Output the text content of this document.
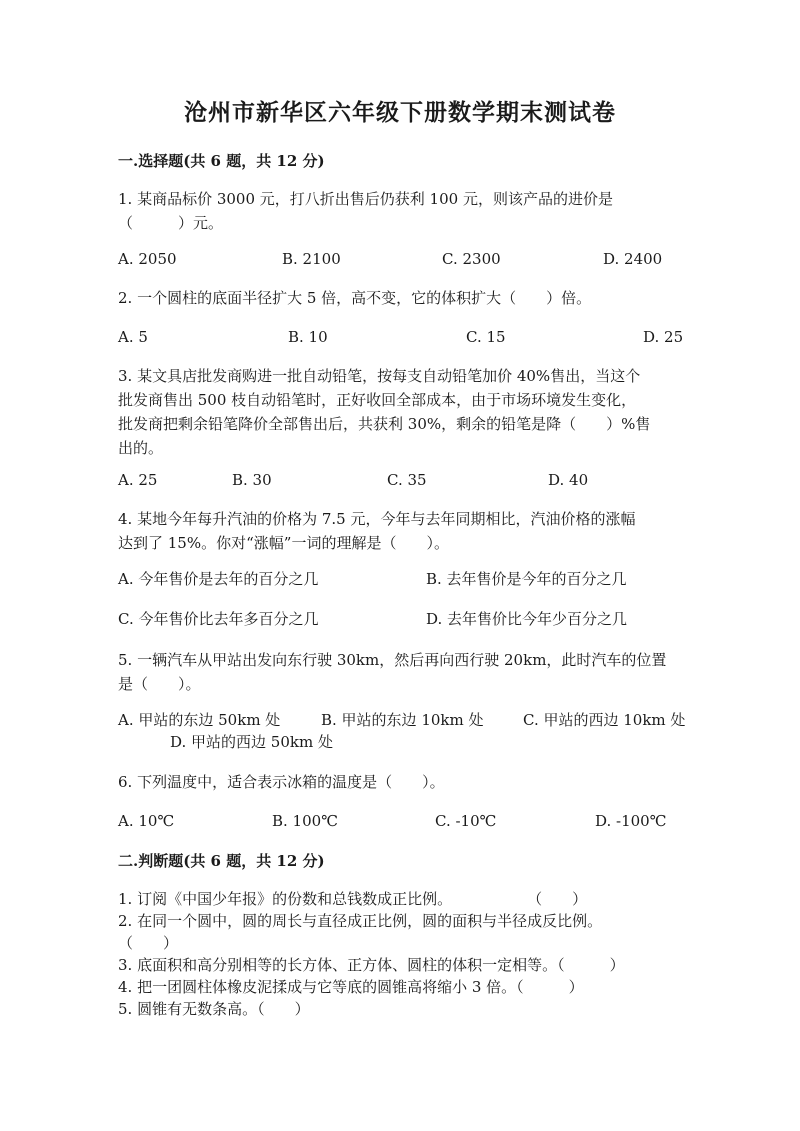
沧州市新华区六年级下册数学期末测试卷
一.选择题(共 6 题，共 12 分)
1. 某商品标价 3000 元，打八折出售后仍获利 100 元，则该产品的进价是
（　　　）元。
A. 2050	B. 2100	C. 2300	D. 2400
2. 一个圆柱的底面半径扩大 5 倍，高不变，它的体积扩大（　　）倍。
A. 5	B. 10	C. 15	D. 25
3. 某文具店批发商购进一批自动铅笔，按每支自动铅笔加价 40%售出，当这个
批发商售出 500 枝自动铅笔时，正好收回全部成本，由于市场环境发生变化，
批发商把剩余铅笔降价全部售出后，共获利 30%，剩余的铅笔是降（　　）%售
出的。
A. 25	B. 30	C. 35	D. 40
4. 某地今年每升汽油的价格为 7.5 元，今年与去年同期相比，汽油价格的涨幅
达到了 15%。你对“涨幅”一词的理解是（　　）。
A. 今年售价是去年的百分之几	B. 去年售价是今年的百分之几
C. 今年售价比去年多百分之几	D. 去年售价比今年少百分之几
5. 一辆汽车从甲站出发向东行驶 30km，然后再向西行驶 20km，此时汽车的位置
是（　　）。
A. 甲站的东边 50km 处	B. 甲站的东边 10km 处	C. 甲站的西边 10km 处
D. 甲站的西边 50km 处
6. 下列温度中，适合表示冰箱的温度是（　　）。
A. 10℃	B. 100℃	C. -10℃	D. -100℃
二.判断题(共 6 题，共 12 分)
1. 订阅《中国少年报》的份数和总钱数成正比例。　　　　　　（　　）
2. 在同一个圆中，圆的周长与直径成正比例，圆的面积与半径成反比例。
（　　）
3. 底面积和高分别相等的长方体、正方体、圆柱的体积一定相等。（　　　）
4. 把一团圆柱体橡皮泥揉成与它等底的圆锥高将缩小 3 倍。（　　　）
5. 圆锥有无数条高。（　　）
